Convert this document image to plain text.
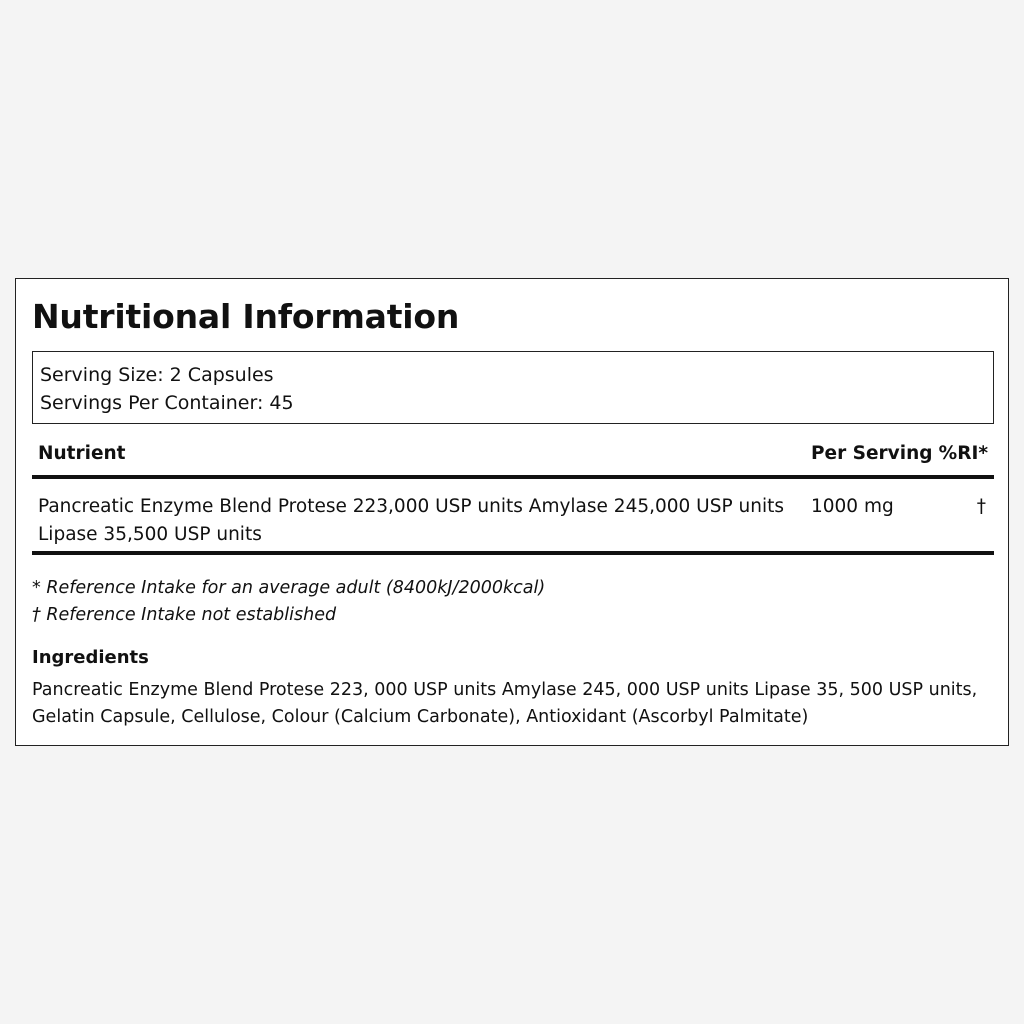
Nutritional Information
Serving Size: 2 Capsules
Servings Per Container: 45
Nutrient	Per Serving %RI*
Pancreatic Enzyme Blend Protese 223,000 USP units Amylase 245,000 USP units Lipase 35,500 USP units
1000 mg	†
* Reference Intake for an average adult (8400kJ/2000kcal)
† Reference Intake not established
Ingredients
Pancreatic Enzyme Blend Protese 223, 000 USP units Amylase 245, 000 USP units Lipase 35, 500 USP units, Gelatin Capsule, Cellulose, Colour (Calcium Carbonate), Antioxidant (Ascorbyl Palmitate)
